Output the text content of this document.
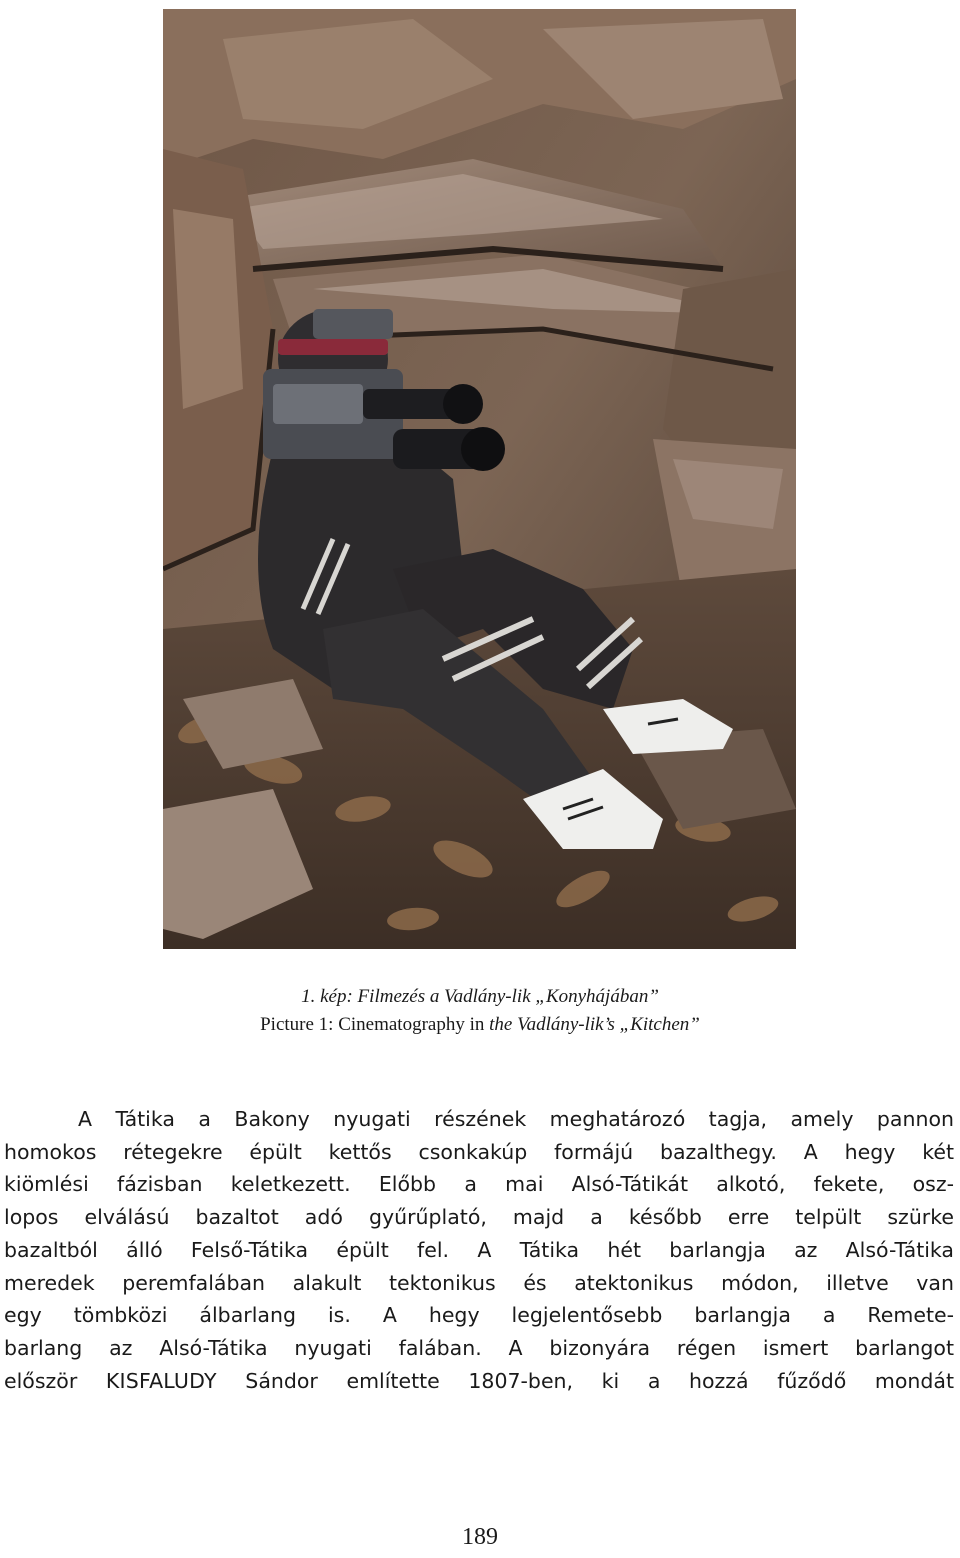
1. kép: Filmezés a Vadlány-lik „Konyhájában”
Picture 1: Cinematography in the Vadlány-lik’s „Kitchen”
A Tátika a Bakony nyugati részének meghatározó tagja, amely pannon
homokos rétegekre épült kettős csonkakúp formájú bazalthegy. A hegy két
kiömlési fázisban keletkezett. Előbb a mai Alsó-Tátikát alkotó, fekete, osz-
lopos elválású bazaltot adó gyűrűplató, majd a később erre telpült szürke
bazaltból álló Felső-Tátika épült fel. A Tátika hét barlangja az Alsó-Tátika
meredek peremfalában alakult tektonikus és atektonikus módon, illetve van
egy tömbközi álbarlang is. A hegy legjelentősebb barlangja a Remete-
barlang az Alsó-Tátika nyugati falában. A bizonyára régen ismert barlangot
először KISFALUDY Sándor említette 1807-ben, ki a hozzá fűződő mondát
189
